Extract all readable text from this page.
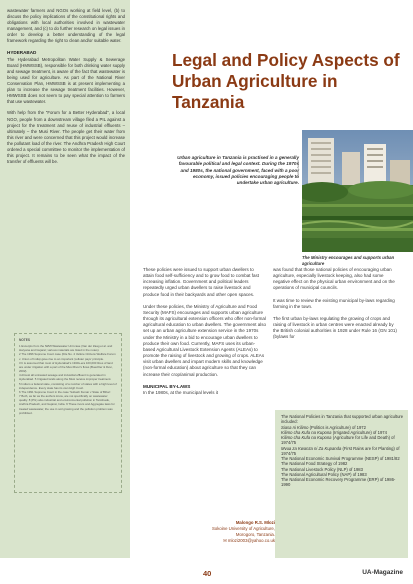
wastewater farmers and NGOs working at field level, (b) to discuss the policy implications of the constitutional rights and obligations with local authorities involved in wastewater management, and (c) to do further research on legal issues in order to develop a better understanding of the legal framework regarding the right to clean and/or suitable water.

HYDERABAD

The Hyderabad Metropolitan Water Supply & Sewerage Board (HMWSSB), responsible for both drinking water supply and sewage treatment, is aware of the fact that wastewater is being used for agriculture. As part of the National River Conservation Plan, HMWSSB is at present implementing a plan to increase the sewage treatment facilities. However, HMWSSB does not seem to pay special attention to farmers that use wastewater.

With help from the “Forum for a Better Hyderabad”, a local NGO, people from a downstream village filed a PIL against a project for the treatment and reuse of industrial effluents – ultimately – the Musi River. The people get their water from this river and were concerned that this project would increase the pollutant load of the river. The Andhra Pradesh High Court ordered a special committee to monitor the implementation of this project. It remains to be seen what the impact of the transfer of effluents will be.

NOTES
1 Excerpts from the IWMI Wastewater Unit case (Van der Zaag et al. and Haryana and Gujarat; various materials are listed in the notes).
2 The 1996 Supreme Court case (File No. 4 Vellore Citizens Welfare Forum v. Union of India) gave rise to an important 'polluter pays' principle.
3 It is assumed that most of Hyderabad's 1940s-era 100,000 litres of land are under irrigation with a part of the Musi River's flows (Buechler & Devi, 2002).
4 Almost all untreated sewage and industrial effluent is generated in Hyderabad. 5 Irrigated lands along the Musi receive improper treatment.
5 India is a federal state, consisting of a number of states with a high level of independence. Every state has its own High Court.
6 The 1991 Supreme Court in the case 'Subash Kumar v State of Bihar'.
7 Both, as far as the authors know, are not specifically on wastewater quality. 8 (PIL) also industrial and environmental pollution in Tamilnadu, Andhra Pradesh, and Gujarat, India. 9 These rivers and Aggregate laws for treated wastewater, the use in soil growing and the pollution problem was prohibited.
Legal and Policy Aspects of Urban Agriculture in Tanzania
Urban agriculture in Tanzania is practised in a generally favourable political and legal context. During the 1970s and 1980s, the national government, faced with a poor economy, issued policies encouraging people to undertake urban agriculture.
Photo: Author
The Ministry encourages and supports urban agriculture

These policies were issued to support urban dwellers to attain food self-sufficiency and to grow food to combat fast increasing inflation. Government and political leaders repeatedly urged urban dwellers to raise livestock and produce food in their backyards and other open spaces.

Under these policies, the Ministry of Agriculture and Food Security (MAFS) encourages and supports urban agriculture through its agricultural extension officers who offer non-formal agricultural education to urban dwellers. The government also set up an urban agriculture extension service in the 1970s under the Ministry in a bid to encourage urban dwellers to produce their own food. Currently, MAFS uses its urban-based Agricultural Livestock Extension Agents (ALEAs) to promote the raising of livestock and growing of crops. ALEAs visit urban dwellers and impart modern skills and knowledge (non-formal education) about agriculture so that they can increase their crop/animal production.

MUNICIPAL BY-LAWS

In the 1980s, at the municipal levels it

was found that those national policies of encouraging urban agriculture, especially livestock keeping, also had some negative effect on the physical urban environment and on the operations of municipal councils.

It was time to review the existing municipal by-laws regarding farming in the town.

The first urban by-laws regulating the growing of crops and raising of livestock in urban centres were enacted already by the British colonial authorities in 1928 under Rule 16 (GN 101) (bylaws for

Malongo R.S. Mlozi
Sokoine University of Agriculture,
Morogoro, Tanzania.
✉ mlozi2003@yahoo.co.uk

The National Policies in Tanzania that supported urban agriculture included:

Siasa ni Kilimo (Politics is Agriculture) of 1972

Kilimo cha Kufa na Kupona (Irrigated Agriculture) of 1974

Kilimo cha Kufa na Kupona (Agriculture for Life and Death) of 1974/75

Mvua za Kwanza ni Za Kupanda (First Rains are for Planting) of 1974/75

The National Economic Survival Programme (NESP) of 1981/82

The National Food Strategy of 1982

The National Livestock Policy (NLP) of 1983

The National Agricultural Policy (NAP) of 1983

The National Economic Recovery Programme (ERP) of 1986-1990

40	UA-Magazine
